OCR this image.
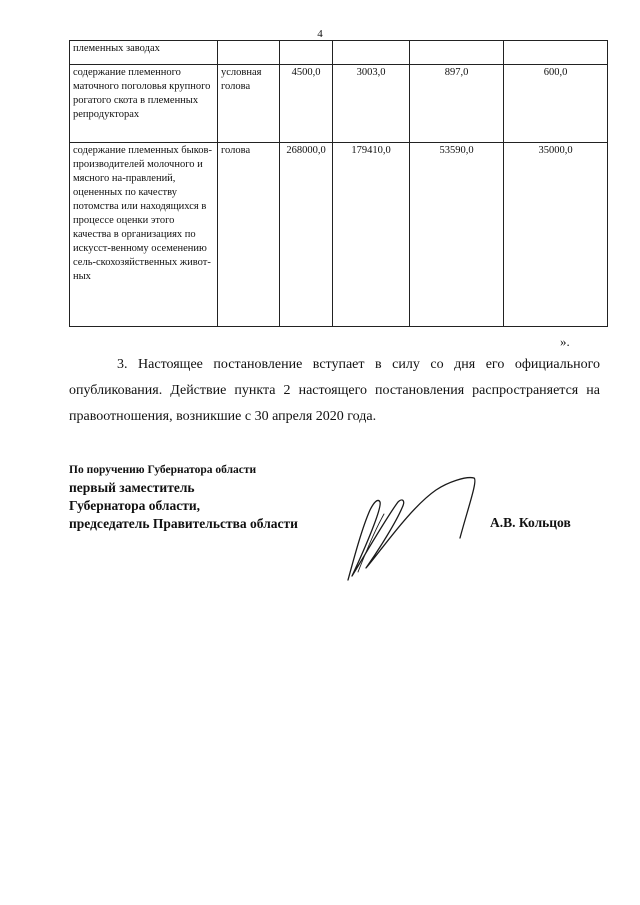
4
племенных заводах					
содержание племенного маточного поголовья крупного рогатого скота в племенных репродукторах	условная голова	4500,0	3003,0	897,0	600,0
содержание племенных быков-производителей молочного и мясного на-правлений, оцененных по качеству потомства или находящихся в процессе оценки этого качества в организациях по искусст-венному осеменению сель-скохозяйственных живот-ных	голова	268000,0	179410,0	53590,0	35000,0
».
3. Настоящее постановление вступает в силу со дня его официального опубликования. Действие пункта 2 настоящего постановления распространяется на правоотношения, возникшие с 30 апреля 2020 года.
По поручению Губернатора области
первый заместитель
Губернатора области,
председатель Правительства области	А.В. Кольцов
